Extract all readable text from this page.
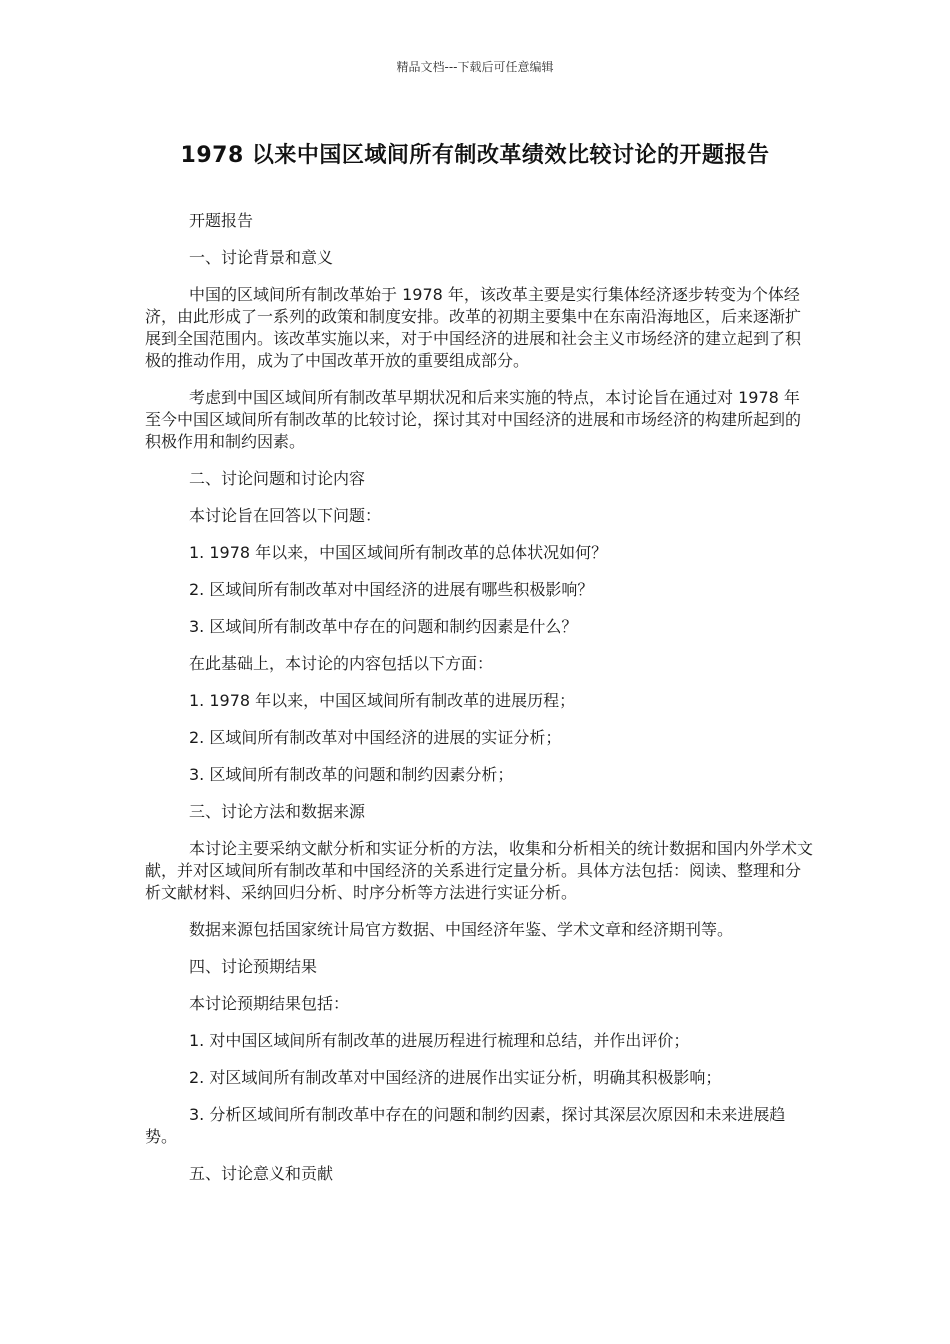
精品文档---下载后可任意编辑
1978 以来中国区域间所有制改革绩效比较讨论的开题报告

开题报告

一、讨论背景和意义

中国的区域间所有制改革始于 1978 年，该改革主要是实行集体经济逐步转变为个体经济，由此形成了一系列的政策和制度安排。改革的初期主要集中在东南沿海地区，后来逐渐扩展到全国范围内。该改革实施以来，对于中国经济的进展和社会主义市场经济的建立起到了积极的推动作用，成为了中国改革开放的重要组成部分。

考虑到中国区域间所有制改革早期状况和后来实施的特点，本讨论旨在通过对 1978 年至今中国区域间所有制改革的比较讨论，探讨其对中国经济的进展和市场经济的构建所起到的积极作用和制约因素。

二、讨论问题和讨论内容

本讨论旨在回答以下问题：

1. 1978 年以来，中国区域间所有制改革的总体状况如何？

2. 区域间所有制改革对中国经济的进展有哪些积极影响？

3. 区域间所有制改革中存在的问题和制约因素是什么？

在此基础上，本讨论的内容包括以下方面：

1. 1978 年以来，中国区域间所有制改革的进展历程；

2. 区域间所有制改革对中国经济的进展的实证分析；

3. 区域间所有制改革的问题和制约因素分析；

三、讨论方法和数据来源

本讨论主要采纳文献分析和实证分析的方法，收集和分析相关的统计数据和国内外学术文献，并对区域间所有制改革和中国经济的关系进行定量分析。具体方法包括：阅读、整理和分析文献材料、采纳回归分析、时序分析等方法进行实证分析。

数据来源包括国家统计局官方数据、中国经济年鉴、学术文章和经济期刊等。

四、讨论预期结果

本讨论预期结果包括：

1. 对中国区域间所有制改革的进展历程进行梳理和总结，并作出评价；

2. 对区域间所有制改革对中国经济的进展作出实证分析，明确其积极影响；

3. 分析区域间所有制改革中存在的问题和制约因素，探讨其深层次原因和未来进展趋势。

五、讨论意义和贡献
